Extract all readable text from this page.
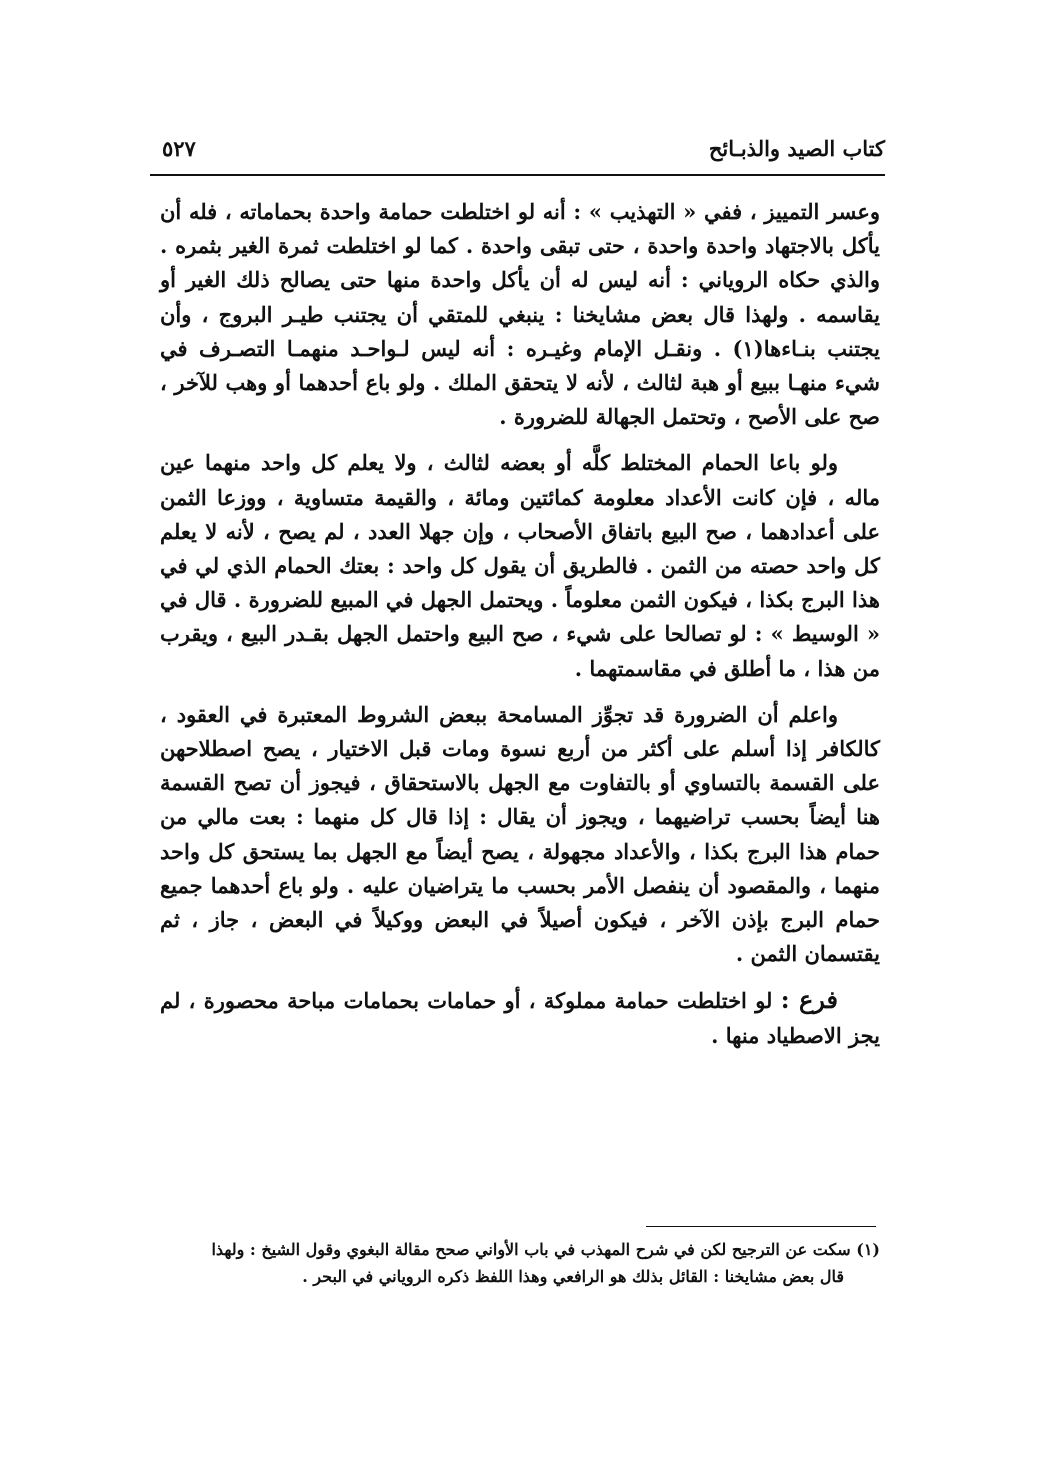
كتاب الصيد والذبـائح
٥٢٧

وعسر التمييز ، ففي « التهذيب » : أنه لو اختلطت حمامة واحدة بحماماته ، فله أن يأكل بالاجتهاد واحدة واحدة ، حتى تبقى واحدة . كما لو اختلطت ثمرة الغير بثمره . والذي حكاه الروياني : أنه ليس له أن يأكل واحدة منها حتى يصالح ذلك الغير أو يقاسمه . ولهذا قال بعض مشايخنا : ينبغي للمتقي أن يجتنب طيـر البروج ، وأن يجتنب بنـاءها(١) . ونقـل الإمام وغيـره : أنه ليس لـواحـد منهمـا التصـرف في شيء منهـا ببيع أو هبة لثالث ، لأنه لا يتحقق الملك . ولو باع أحدهما أو وهب للآخر ، صح على الأصح ، وتحتمل الجهالة للضرورة .

ولو باعا الحمام المختلط كلَّه أو بعضه لثالث ، ولا يعلم كل واحد منهما عين ماله ، فإن كانت الأعداد معلومة كمائتين ومائة ، والقيمة متساوية ، ووزعا الثمن على أعدادهما ، صح البيع باتفاق الأصحاب ، وإن جهلا العدد ، لم يصح ، لأنه لا يعلم كل واحد حصته من الثمن . فالطريق أن يقول كل واحد : بعتك الحمام الذي لي في هذا البرج بكذا ، فيكون الثمن معلوماً . ويحتمل الجهل في المبيع للضرورة . قال في « الوسيط » : لو تصالحا على شيء ، صح البيع واحتمل الجهل بقـدر البيع ، ويقرب من هذا ، ما أطلق في مقاسمتهما .

واعلم أن الضرورة قد تجوِّز المسامحة ببعض الشروط المعتبرة في العقود ، كالكافر إذا أسلم على أكثر من أربع نسوة ومات قبل الاختيار ، يصح اصطلاحهن على القسمة بالتساوي أو بالتفاوت مع الجهل بالاستحقاق ، فيجوز أن تصح القسمة هنا أيضاً بحسب تراضيهما ، ويجوز أن يقال : إذا قال كل منهما : بعت مالي من حمام هذا البرج بكذا ، والأعداد مجهولة ، يصح أيضاً مع الجهل بما يستحق كل واحد منهما ، والمقصود أن ينفصل الأمر بحسب ما يتراضيان عليه . ولو باع أحدهما جميع حمام البرج بإذن الآخر ، فيكون أصيلاً في البعض ووكيلاً في البعض ، جاز ، ثم يقتسمان الثمن .

فرع : لو اختلطت حمامة مملوكة ، أو حمامات بحمامات مباحة محصورة ، لم يجز الاصطياد منها .

(١) سكت عن الترجيح لكن في شرح المهذب في باب الأواني صحح مقالة البغوي وقول الشيخ : ولهذا

قال بعض مشايخنا : القائل بذلك هو الرافعي وهذا اللفظ ذكره الروياني في البحر .
